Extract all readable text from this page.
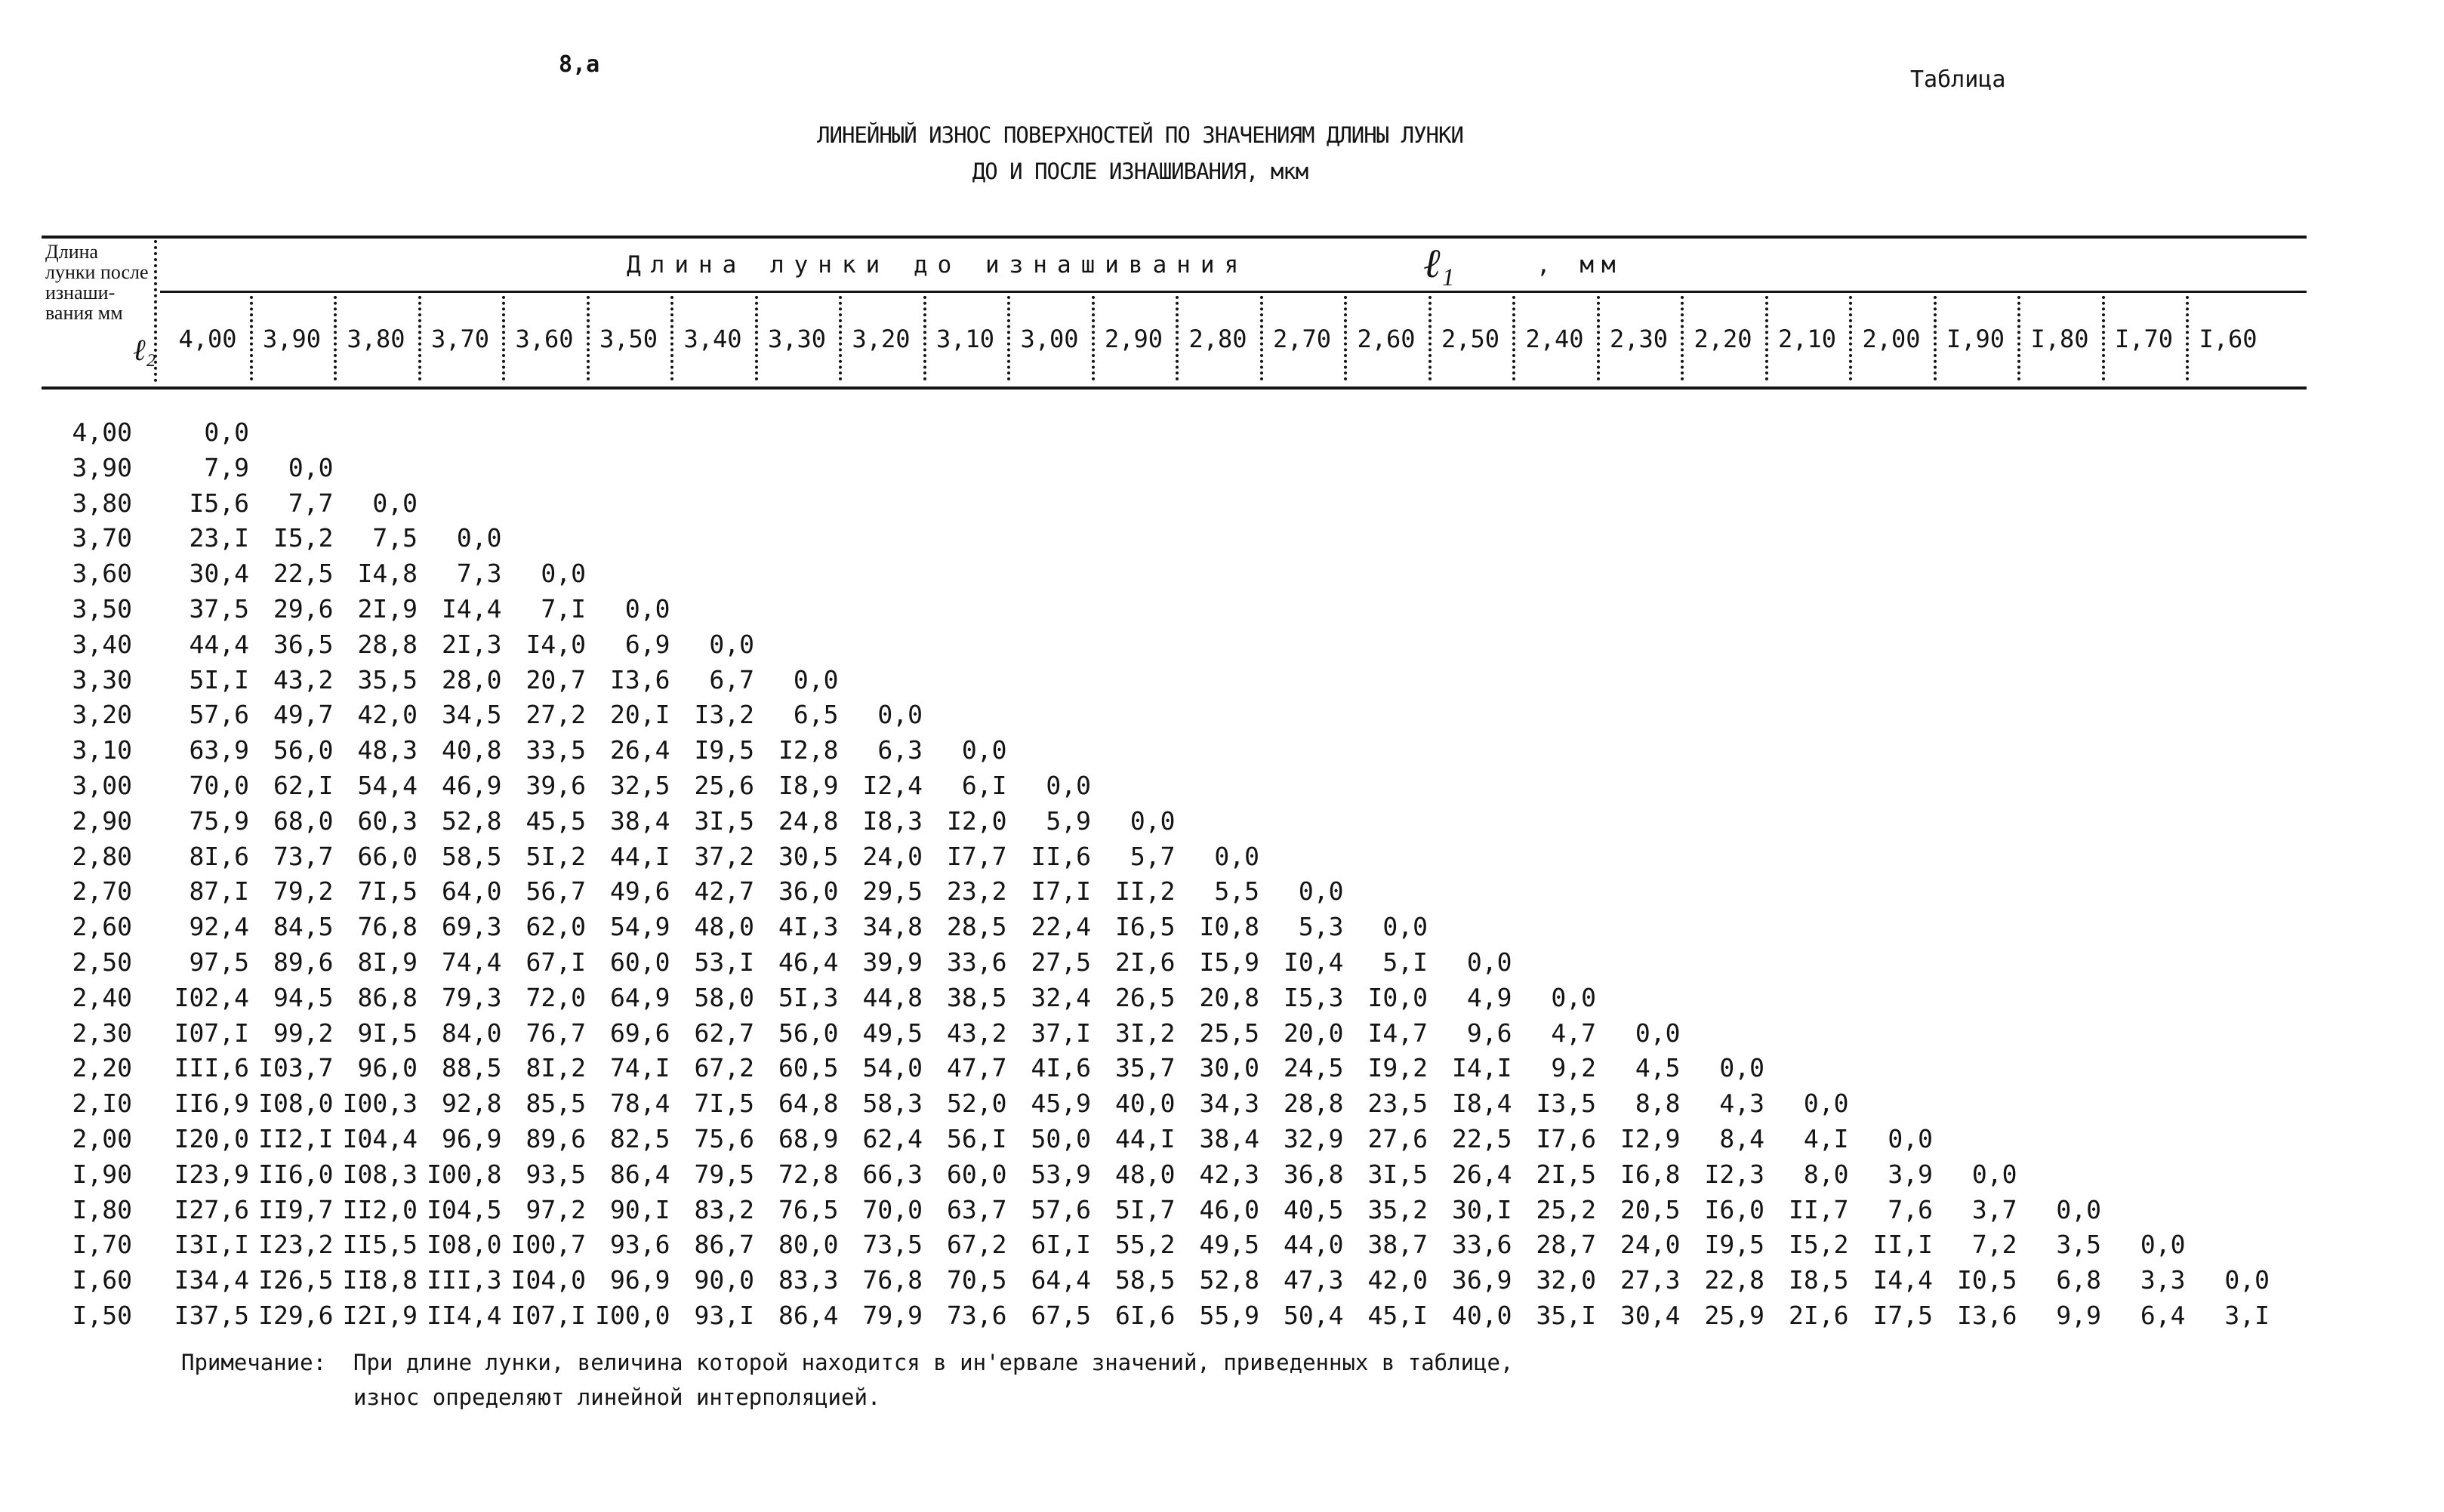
8,а
Таблица
ЛИНЕЙНЫЙ ИЗНОС ПОВЕРХНОСТЕЙ ПО ЗНАЧЕНИЯМ ДЛИНЫ ЛУНКИ
ДО И ПОСЛЕ ИЗНАШИВАНИЯ, мкм
Длина лунки после изнаши- вания мм
ℓ₂
Длина лунки до изнашивания	ℓ₁	, мм
4,00	3,90	3,80	3,70	3,60	3,50	3,40	3,30	3,20	3,10	3,00	2,90	2,80	2,70	2,60	2,50	2,40	2,30	2,20	2,10	2,00	I,90	I,80	I,70	I,60
4,00	0,0
3,90	7,9	0,0
3,80	I5,6	7,7	0,0
3,70	23,I I5,2	7,5	0,0
3,60	30,4 22,5 I4,8	7,3	0,0
3,50	37,5 29,6 2I,9 I4,4	7,I	0,0
3,40	44,4 36,5 28,8 2I,3 I4,0	6,9	0,0
3,30	5I,I 43,2 35,5 28,0 20,7 I3,6	6,7	0,0
3,20	57,6 49,7 42,0 34,5 27,2 20,I I3,2	6,5	0,0
3,10	63,9 56,0 48,3 40,8 33,5 26,4 I9,5 I2,8	6,3	0,0
3,00	70,0 62,I 54,4 46,9 39,6 32,5 25,6 I8,9 I2,4	6,I	0,0
2,90	75,9 68,0 60,3 52,8 45,5 38,4 3I,5 24,8 I8,3 I2,0	5,9	0,0
2,80	8I,6 73,7 66,0 58,5 5I,2 44,I 37,2 30,5 24,0 I7,7 II,6	5,7	0,0
2,70	87,I 79,2 7I,5 64,0 56,7 49,6 42,7 36,0 29,5 23,2 I7,I II,2	5,5	0,0
2,60	92,4 84,5 76,8 69,3 62,0 54,9 48,0 4I,3 34,8 28,5 22,4 I6,5 I0,8	5,3	0,0
2,50	97,5 89,6 8I,9 74,4 67,I 60,0 53,I 46,4 39,9 33,6 27,5 2I,6 I5,9 I0,4	5,I	0,0
2,40	I02,4 94,5 86,8 79,3 72,0 64,9 58,0 5I,3 44,8 38,5 32,4 26,5 20,8 I5,3 I0,0	4,9	0,0
2,30	I07,I 99,2 9I,5 84,0 76,7 69,6 62,7 56,0 49,5 43,2 37,I 3I,2 25,5 20,0 I4,7	9,6	4,7	0,0
2,20	III,6 I03,7 96,0 88,5 8I,2 74,I 67,2 60,5 54,0 47,7 4I,6 35,7 30,0 24,5 I9,2 I4,I	9,2	4,5	0,0
2,I0	II6,9 I08,0 I00,3 92,8 85,5 78,4 7I,5 64,8 58,3 52,0 45,9 40,0 34,3 28,8 23,5 I8,4 I3,5	8,8	4,3	0,0
2,00	I20,0 II2,I I04,4 96,9 89,6 82,5 75,6 68,9 62,4 56,I 50,0 44,I 38,4 32,9 27,6 22,5 I7,6 I2,9	8,4	4,I	0,0
I,90	I23,9 II6,0 I08,3 I00,8 93,5 86,4 79,5 72,8 66,3 60,0 53,9 48,0 42,3 36,8 3I,5 26,4 2I,5 I6,8 I2,3	8,0	3,9	0,0
I,80	I27,6 II9,7 II2,0 I04,5 97,2 90,I 83,2 76,5 70,0 63,7 57,6 5I,7 46,0 40,5 35,2 30,I 25,2 20,5 I6,0 II,7	7,6	3,7	0,0
I,70	I3I,I I23,2 II5,5 I08,0 I00,7 93,6 86,7 80,0 73,5 67,2 6I,I 55,2 49,5 44,0 38,7 33,6 28,7 24,0 I9,5 I5,2 II,I	7,2	3,5	0,0
I,60	I34,4 I26,5 II8,8 III,3 I04,0 96,9 90,0 83,3 76,8 70,5 64,4 58,5 52,8 47,3 42,0 36,9 32,0 27,3 22,8 I8,5 I4,4 I0,5	6,8	3,3	0,0
I,50	I37,5 I29,6 I2I,9 II4,4 I07,I I00,0 93,I 86,4 79,9 73,6 67,5 6I,6 55,9 50,4 45,I 40,0 35,I 30,4 25,9 2I,6 I7,5 I3,6	9,9	6,4	3,I
Примечание: При длине лунки, величина которой находится в ин'ервале значений, приведенных в таблице,
износ определяют линейной интерполяцией.
